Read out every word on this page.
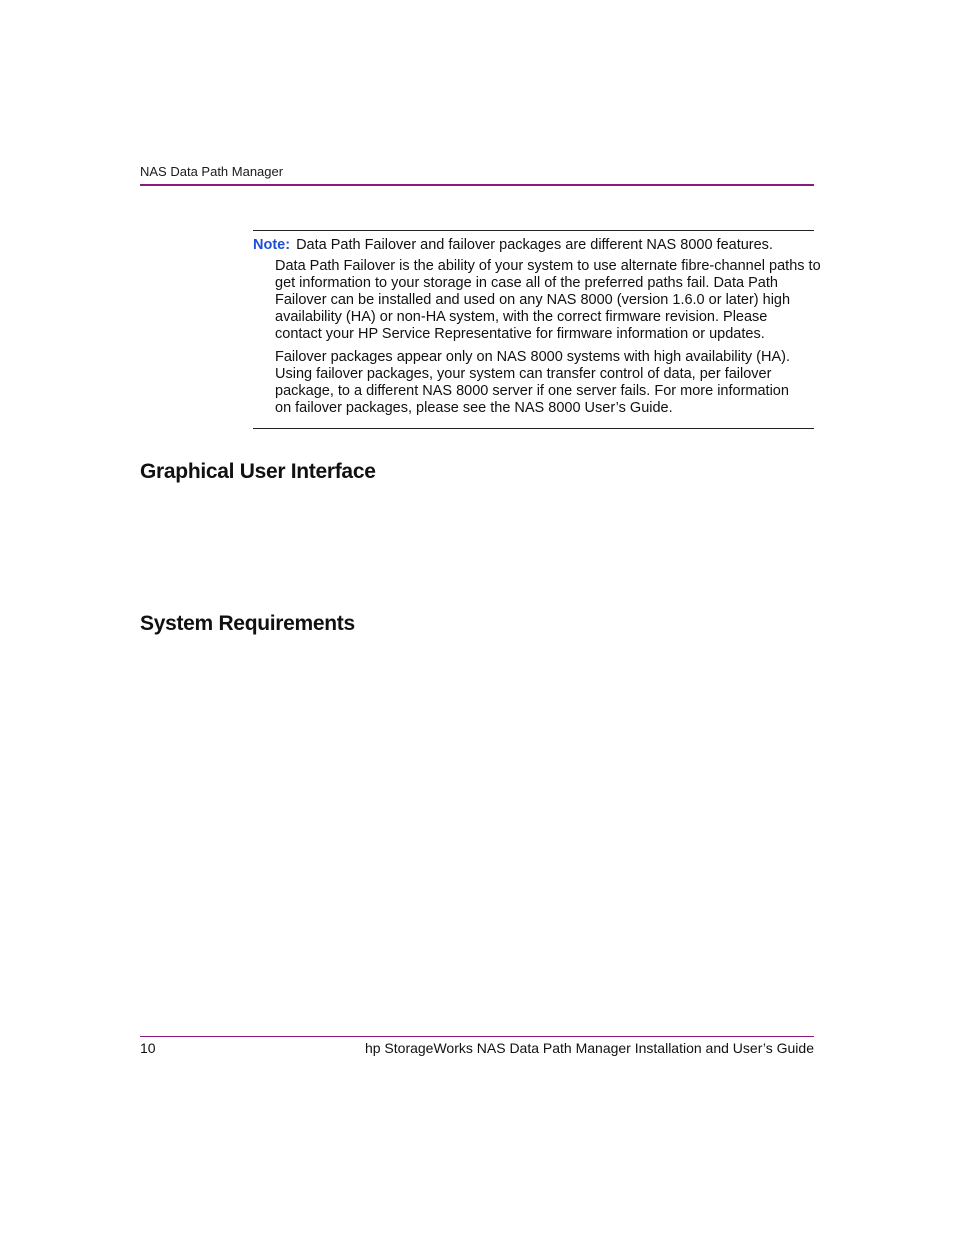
NAS Data Path Manager
Note: Data Path Failover and failover packages are different NAS 8000 features.

Data Path Failover is the ability of your system to use alternate fibre-channel paths to
get information to your storage in case all of the preferred paths fail. Data Path
Failover can be installed and used on any NAS 8000 (version 1.6.0 or later) high
availability (HA) or non-HA system, with the correct firmware revision. Please
contact your HP Service Representative for firmware information or updates.

Failover packages appear only on NAS 8000 systems with high availability (HA).
Using failover packages, your system can transfer control of data, per failover
package, to a different NAS 8000 server if one server fails. For more information
on failover packages, please see the NAS 8000 User’s Guide.

Graphical User Interface
System Requirements
10	hp StorageWorks NAS Data Path Manager Installation and User’s Guide
